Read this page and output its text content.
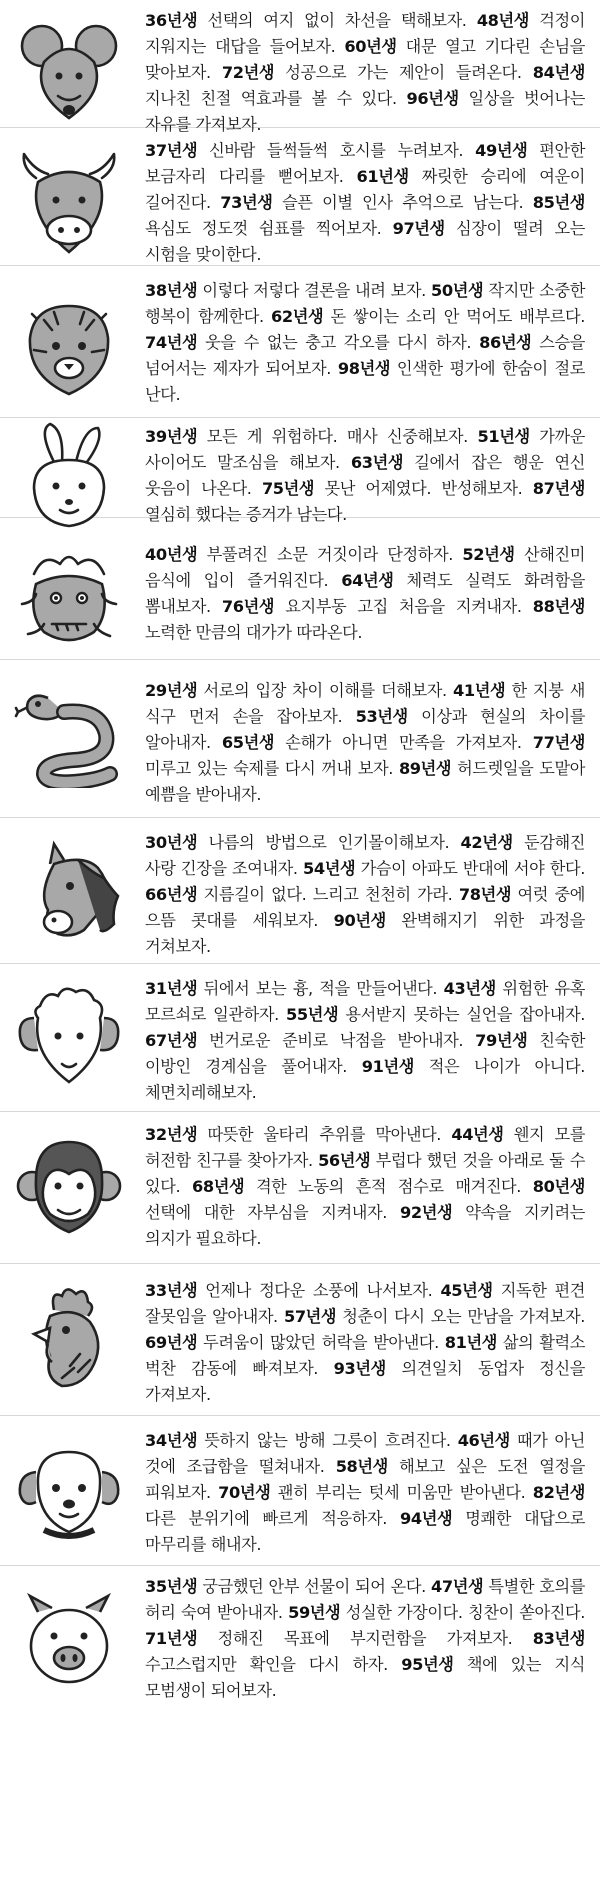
36년생 선택의 여지 없이 차선을 택해보자. 48년생 걱정이 지워지는 대답을 들어보자. 60년생 대문 열고 기다린 손님을 맞아보자. 72년생 성공으로 가는 제안이 들려온다. 84년생 지나친 친절 역효과를 볼 수 있다. 96년생 일상을 벗어나는 자유를 가져보자.
37년생 신바람 들썩들썩 호시를 누려보자. 49년생 편안한 보금자리 다리를 뻗어보자. 61년생 짜릿한 승리에 여운이 길어진다. 73년생 슬픈 이별 인사 추억으로 남는다. 85년생 욕심도 정도껏 쉼표를 찍어보자. 97년생 심장이 떨려 오는 시험을 맞이한다.
38년생 이렇다 저렇다 결론을 내려 보자. 50년생 작지만 소중한 행복이 함께한다. 62년생 돈 쌓이는 소리 안 먹어도 배부르다. 74년생 웃을 수 없는 충고 각오를 다시 하자. 86년생 스승을 넘어서는 제자가 되어보자. 98년생 인색한 평가에 한숨이 절로 난다.
39년생 모든 게 위험하다. 매사 신중해보자. 51년생 가까운 사이어도 말조심을 해보자. 63년생 길에서 잡은 행운 연신 웃음이 나온다. 75년생 못난 어제였다. 반성해보자. 87년생 열심히 했다는 증거가 남는다.
40년생 부풀려진 소문 거짓이라 단정하자. 52년생 산해진미 음식에 입이 즐거워진다. 64년생 체력도 실력도 화려함을 뽐내보자. 76년생 요지부동 고집 처음을 지켜내자. 88년생 노력한 만큼의 대가가 따라온다.
29년생 서로의 입장 차이 이해를 더해보자. 41년생 한 지붕 새 식구 먼저 손을 잡아보자. 53년생 이상과 현실의 차이를 알아내자. 65년생 손해가 아니면 만족을 가져보자. 77년생 미루고 있는 숙제를 다시 꺼내 보자. 89년생 허드렛일을 도맡아 예쁨을 받아내자.
30년생 나름의 방법으로 인기몰이해보자. 42년생 둔감해진 사랑 긴장을 조여내자. 54년생 가슴이 아파도 반대에 서야 한다. 66년생 지름길이 없다. 느리고 천천히 가라. 78년생 여럿 중에 으뜸 콧대를 세워보자. 90년생 완벽해지기 위한 과정을 거쳐보자.
31년생 뒤에서 보는 흉, 적을 만들어낸다. 43년생 위험한 유혹 모르쇠로 일관하자. 55년생 용서받지 못하는 실언을 잡아내자. 67년생 번거로운 준비로 낙점을 받아내자. 79년생 친숙한 이방인 경계심을 풀어내자. 91년생 적은 나이가 아니다. 체면치레해보자.
32년생 따뜻한 울타리 추위를 막아낸다. 44년생 웬지 모를 허전함 친구를 찾아가자. 56년생 부럽다 했던 것을 아래로 둘 수 있다. 68년생 격한 노동의 흔적 점수로 매겨진다. 80년생 선택에 대한 자부심을 지켜내자. 92년생 약속을 지키려는 의지가 필요하다.
33년생 언제나 정다운 소풍에 나서보자. 45년생 지독한 편견 잘못임을 알아내자. 57년생 청춘이 다시 오는 만남을 가져보자. 69년생 두려움이 많았던 허락을 받아낸다. 81년생 삶의 활력소 벅찬 감동에 빠져보자. 93년생 의견일치 동업자 정신을 가져보자.
34년생 뜻하지 않는 방해 그릇이 흐려진다. 46년생 때가 아닌 것에 조급함을 떨쳐내자. 58년생 해보고 싶은 도전 열정을 피워보자. 70년생 괜히 부리는 텃세 미움만 받아낸다. 82년생 다른 분위기에 빠르게 적응하자. 94년생 명쾌한 대답으로 마무리를 해내자.
35년생 궁금했던 안부 선물이 되어 온다. 47년생 특별한 호의를 허리 숙여 받아내자. 59년생 성실한 가장이다. 칭찬이 쏟아진다. 71년생 정해진 목표에 부지런함을 가져보자. 83년생 수고스럽지만 확인을 다시 하자. 95년생 책에 있는 지식 모범생이 되어보자.
